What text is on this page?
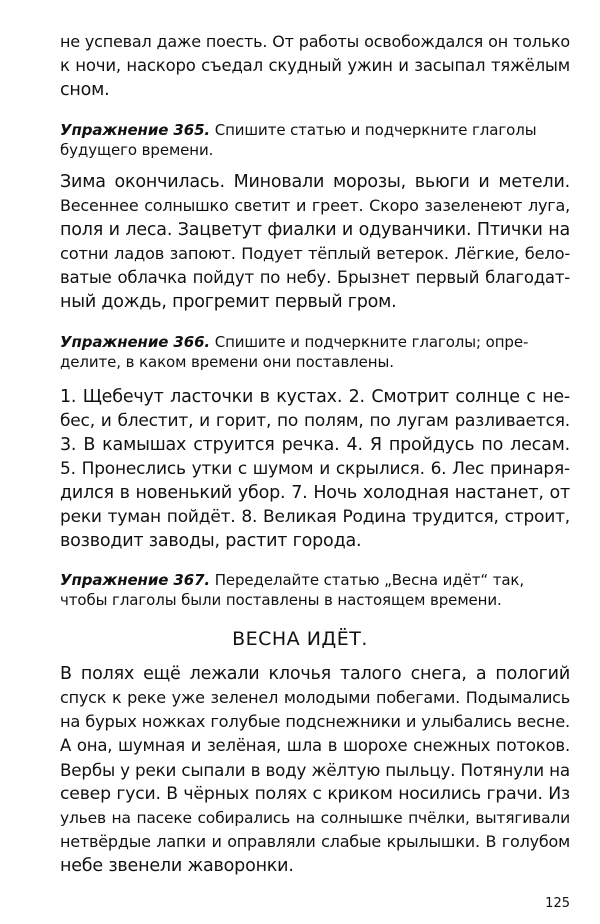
не успевал даже поесть. От работы освобождался он только
к ночи, наскоро съедал скудный ужин и засыпал тяжёлым
сном.
Упражнение 365. Спишите статью и подчеркните глаголы
будущего времени.
Зима окончилась. Миновали морозы, вьюги и метели.
Весеннее солнышко светит и греет. Скоро зазеленеют луга,
поля и леса. Зацветут фиалки и одуванчики. Птички на
сотни ладов запоют. Подует тёплый ветерок. Лёгкие, бело-
ватые облачка пойдут по небу. Брызнет первый благодат-
ный дождь, прогремит первый гром.
Упражнение 366. Спишите и подчеркните глаголы; опре-
делите, в каком времени они поставлены.
1. Щебечут ласточки в кустах. 2. Смотрит солнце с не-
бес, и блестит, и горит, по полям, по лугам разливается.
3. В камышах струится речка. 4. Я пройдусь по лесам.
5. Пронеслись утки с шумом и скрылися. 6. Лес принаря-
дился в новенький убор. 7. Ночь холодная настанет, от
реки туман пойдёт. 8. Великая Родина трудится, строит,
возводит заводы, растит города.
Упражнение 367. Переделайте статью „Весна идёт“ так,
чтобы глаголы были поставлены в настоящем времени.
ВЕСНА ИДЁТ.
В полях ещё лежали клочья талого снега, а пологий
спуск к реке уже зеленел молодыми побегами. Подымались
на бурых ножках голубые подснежники и улыбались весне.
А она, шумная и зелёная, шла в шорохе снежных потоков.
Вербы у реки сыпали в воду жёлтую пыльцу. Потянули на
север гуси. В чёрных полях с криком носились грачи. Из
ульев на пасеке собирались на солнышке пчёлки, вытягивали
нетвёрдые лапки и оправляли слабые крылышки. В голубом
небе звенели жаворонки.
125
